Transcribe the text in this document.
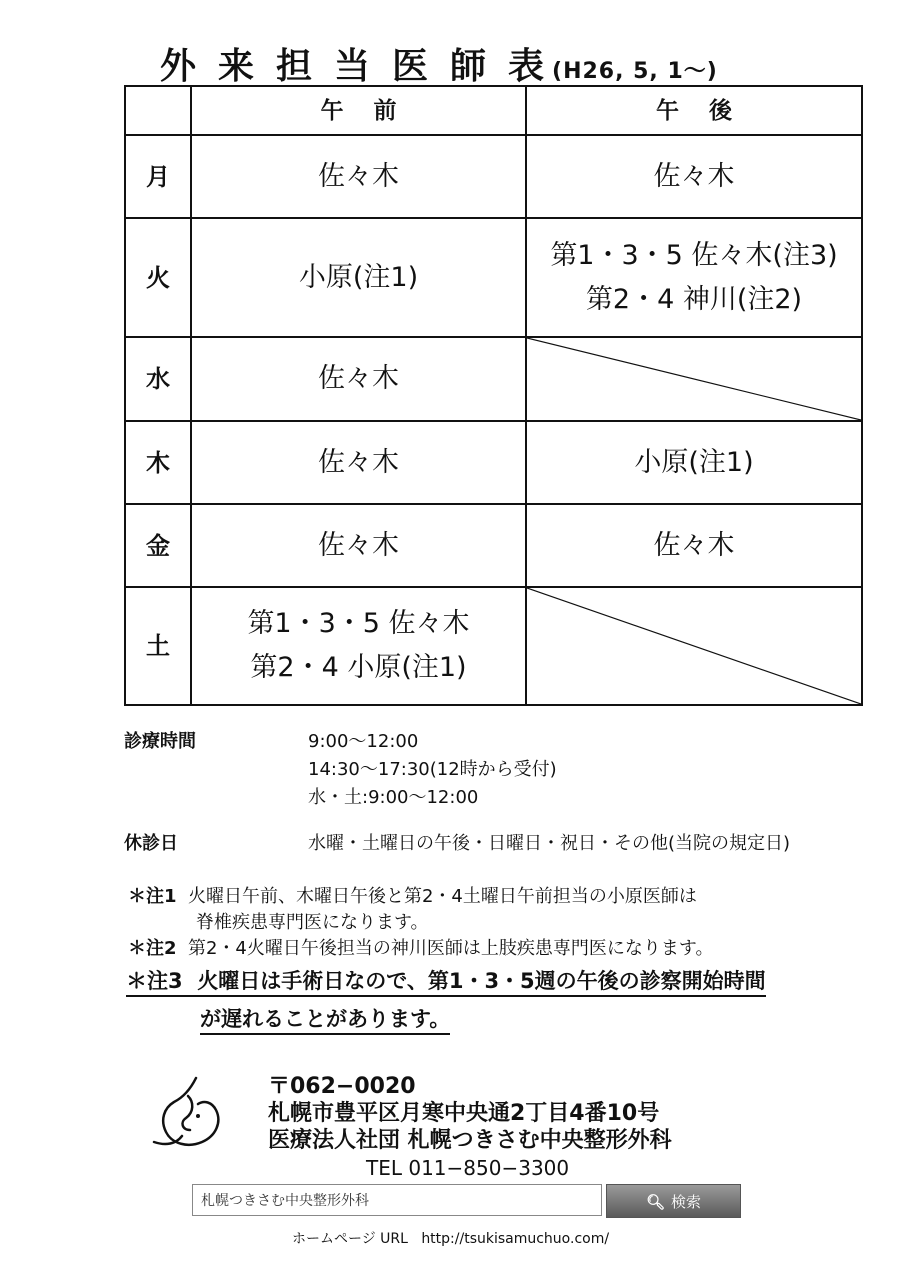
外来担当医師表(H26, 5, 1〜)
	午前	午後
月	佐々木	佐々木

火	小原(注1)	第1・3・5 佐々木(注3)
第2・4 神川(注2)

水	佐々木

木	佐々木	小原(注1)

金	佐々木	佐々木

土	第1・3・5 佐々木
第2・4 小原(注1)

診療時間	9:00〜12:00
14:30〜17:30(12時から受付)
水・土:9:00〜12:00
休診日	水曜・土曜日の午後・日曜日・祝日・その他(当院の規定日)
＊注1 火曜日午前、木曜日午後と第2・4土曜日午前担当の小原医師は
脊椎疾患専門医になります。
＊注2 第2・4火曜日午後担当の神川医師は上肢疾患専門医になります。
＊注3 火曜日は手術日なので、第1・3・5週の午後の診察開始時間
が遅れることがあります。
〒062−0020
札幌市豊平区月寒中央通2丁目4番10号
医療法人社団 札幌つきさむ中央整形外科
TEL 011−850−3300
札幌つきさむ中央整形外科	🔍︎ 検索
ホームページ URL http://tsukisamuchuo.com/
